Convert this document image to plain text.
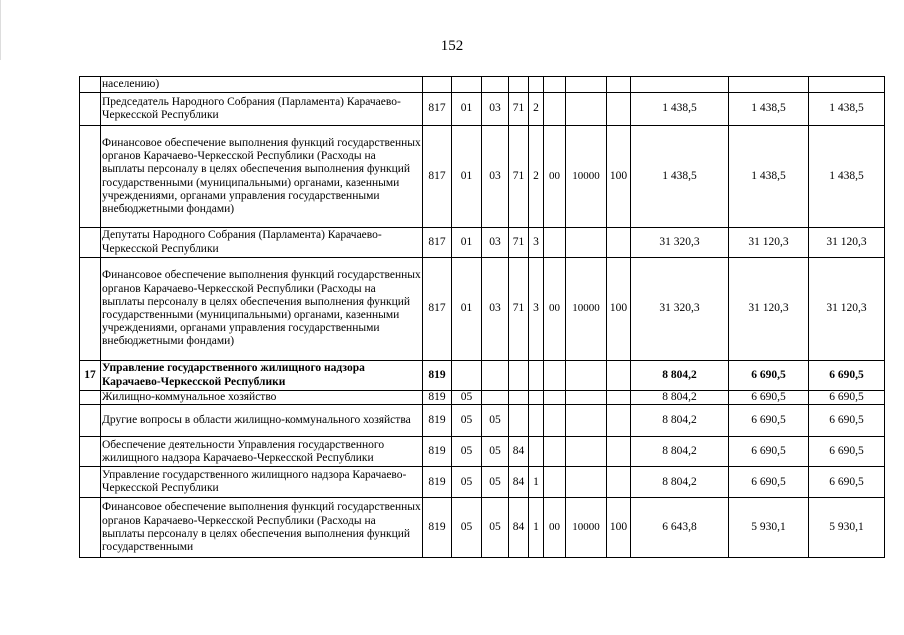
152
	населению)											
	Председатель Народного Собрания (Парламента) Карачаево-Черкесской Республики	817	01	03	71	2				1 438,5	1 438,5	1 438,5
	Финансовое обеспечение выполнения функций государственных органов Карачаево-Черкесской Республики (Расходы на выплаты персоналу в целях обеспечения выполнения функций государственными (муниципальными) органами, казенными учреждениями, органами управления государственными внебюджетными фондами)	817	01	03	71	2	00	10000	100	1 438,5	1 438,5	1 438,5
	Депутаты Народного Собрания (Парламента) Карачаево-Черкесской Республики	817	01	03	71	3				31 320,3	31 120,3	31 120,3
	Финансовое обеспечение выполнения функций государственных органов Карачаево-Черкесской Республики (Расходы на выплаты персоналу в целях обеспечения выполнения функций государственными (муниципальными) органами, казенными учреждениями, органами управления государственными внебюджетными фондами)	817	01	03	71	3	00	10000	100	31 320,3	31 120,3	31 120,3
17	Управление государственного жилищного надзора Карачаево-Черкесской Республики	819								8 804,2	6 690,5	6 690,5
	Жилищно-коммунальное хозяйство	819	05							8 804,2	6 690,5	6 690,5
	Другие вопросы в области жилищно-коммунального хозяйства	819	05	05						8 804,2	6 690,5	6 690,5
	Обеспечение деятельности Управления государственного жилищного надзора Карачаево-Черкесской Республики	819	05	05	84					8 804,2	6 690,5	6 690,5
	Управление государственного жилищного надзора Карачаево-Черкесской Республики	819	05	05	84	1				8 804,2	6 690,5	6 690,5
	Финансовое обеспечение выполнения функций государственных органов Карачаево-Черкесской Республики (Расходы на выплаты персоналу в целях обеспечения выполнения функций государственными	819	05	05	84	1	00	10000	100	6 643,8	5 930,1	5 930,1
